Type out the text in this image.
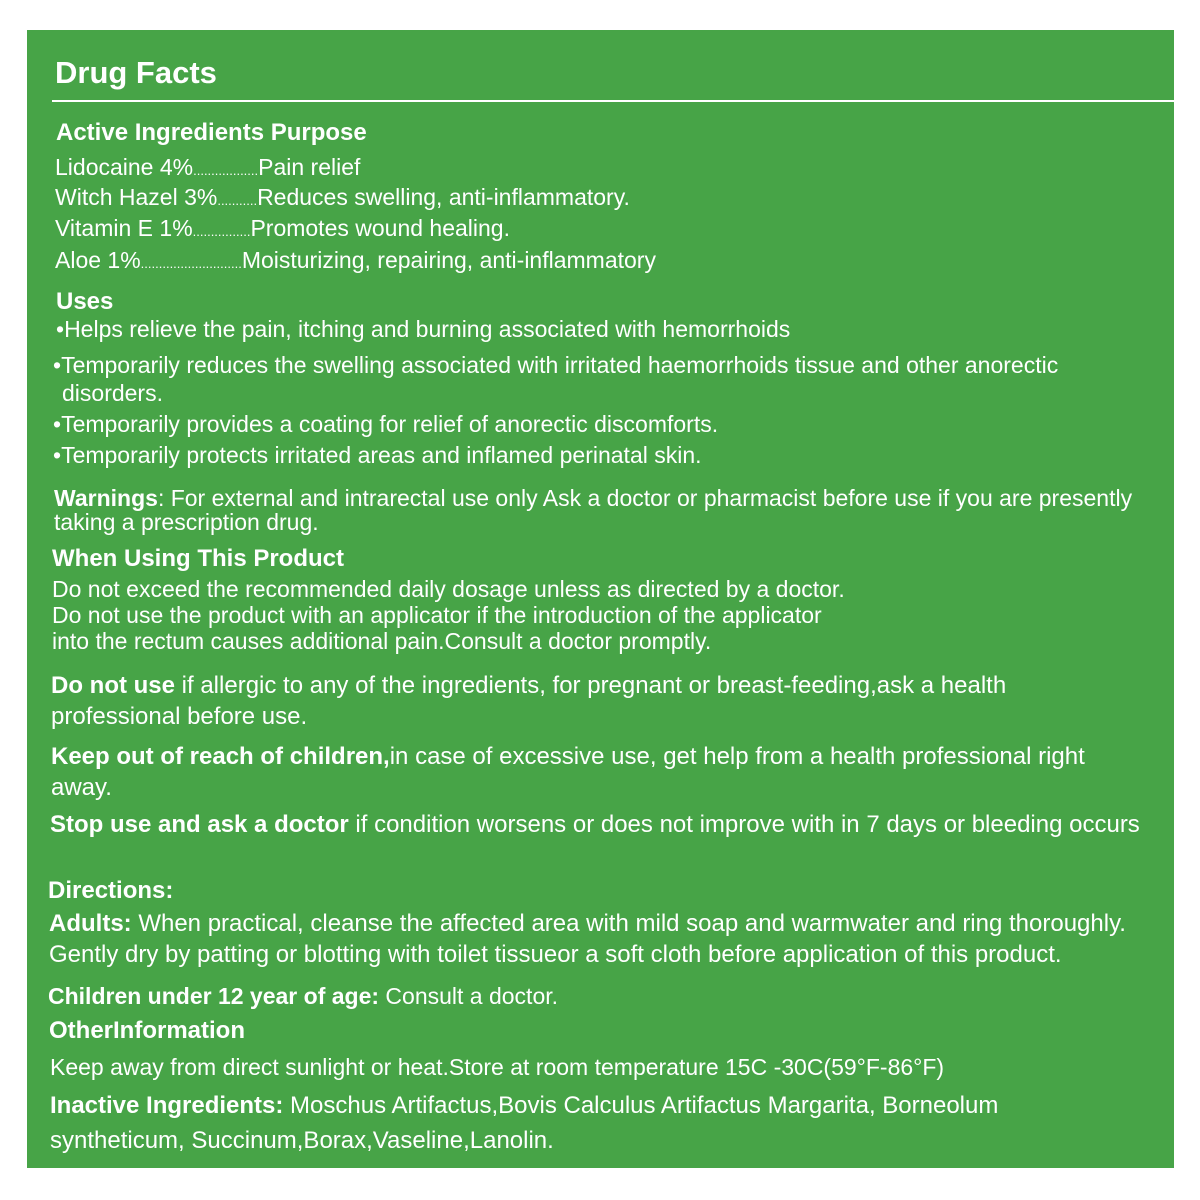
Drug Facts
Active Ingredients Purpose
Lidocaine 4%..................Pain relief
Witch Hazel 3%...........Reduces swelling, anti-inflammatory.
Vitamin E 1%................Promotes wound healing.
Aloe 1%............................Moisturizing, repairing, anti-inflammatory
Uses
•Helps relieve the pain, itching and burning associated with hemorrhoids
•Temporarily reduces the swelling associated with irritated haemorrhoids tissue and other anorectic
disorders.
•Temporarily provides a coating for relief of anorectic discomforts.
•Temporarily protects irritated areas and inflamed perinatal skin.
Warnings: For external and intrarectal use only Ask a doctor or pharmacist before use if you are presently taking a prescription drug.
When Using This Product
Do not exceed the recommended daily dosage unless as directed by a doctor.
Do not use the product with an applicator if the introduction of the applicator
into the rectum causes additional pain.Consult a doctor promptly.
Do not use if allergic to any of the ingredients, for pregnant or breast-feeding,ask a health professional before use.
Keep out of reach of children,in case of excessive use, get help from a health professional right away.
Stop use and ask a doctor if condition worsens or does not improve with in 7 days or bleeding occurs
Directions:
Adults: When practical, cleanse the affected area with mild soap and warmwater and ring thoroughly. Gently dry by patting or blotting with toilet tissueor a soft cloth before application of this product.
Children under 12 year of age: Consult a doctor.
OtherInformation
Keep away from direct sunlight or heat.Store at room temperature 15C -30C(59°F-86°F)
Inactive Ingredients: Moschus Artifactus,Bovis Calculus Artifactus Margarita, Borneolum syntheticum, Succinum,Borax,Vaseline,Lanolin.
